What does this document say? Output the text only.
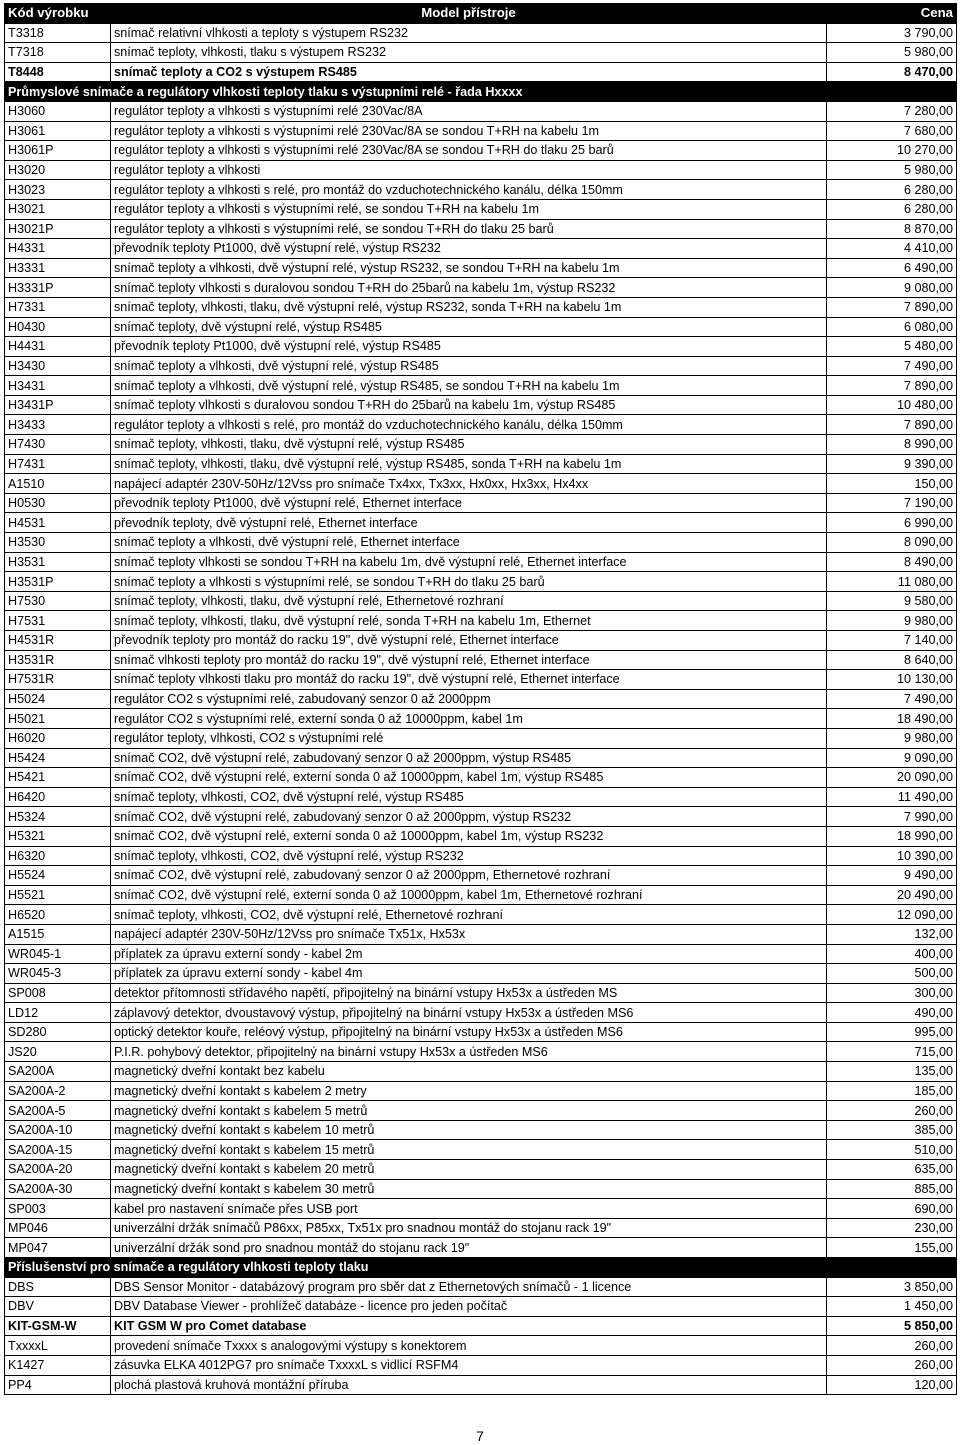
Kód výrobku	Model přístroje	Cena
T3318	snímač relativní vlhkosti a teploty s výstupem RS232	3 790,00
T7318	snímač teploty, vlhkosti, tlaku s výstupem RS232	5 980,00
T8448	snímač teploty a CO2 s výstupem RS485	8 470,00
Průmyslové snímače a regulátory vlhkosti teploty tlaku s výstupními relé - řada Hxxxx		
H3060	regulátor teploty a vlhkosti s výstupními relé 230Vac/8A	7 280,00
H3061	regulátor teploty a vlhkosti s výstupními relé 230Vac/8A se sondou T+RH na kabelu 1m	7 680,00
H3061P	regulátor teploty a vlhkosti s výstupními relé 230Vac/8A se sondou T+RH do tlaku 25 barů	10 270,00
H3020	regulátor teploty a vlhkosti	5 980,00
H3023	regulátor teploty a vlhkosti s relé, pro montáž do vzduchotechnického kanálu, délka 150mm	6 280,00
H3021	regulátor teploty a vlhkosti s výstupními relé, se sondou T+RH na kabelu 1m	6 280,00
H3021P	regulátor teploty a vlhkosti s výstupními relé, se sondou T+RH do tlaku 25 barů	8 870,00
H4331	převodník teploty Pt1000, dvě výstupní relé, výstup RS232	4 410,00
H3331	snímač teploty a vlhkosti, dvě výstupní relé, výstup RS232, se sondou T+RH na kabelu 1m	6 490,00
H3331P	snímač teploty vlhkosti s duralovou sondou T+RH do 25barů na kabelu 1m, výstup RS232	9 080,00
H7331	snímač teploty, vlhkosti, tlaku, dvě výstupní relé, výstup RS232, sonda T+RH na kabelu 1m	7 890,00
H0430	snímač teploty, dvě výstupní relé, výstup RS485	6 080,00
H4431	převodník teploty Pt1000, dvě výstupní relé, výstup RS485	5 480,00
H3430	snímač teploty a vlhkosti, dvě výstupní relé, výstup RS485	7 490,00
H3431	snímač teploty a vlhkosti, dvě výstupní relé, výstup RS485, se sondou T+RH na kabelu 1m	7 890,00
H3431P	snímač teploty vlhkosti s duralovou sondou T+RH do 25barů na kabelu 1m, výstup RS485	10 480,00
H3433	regulátor teploty a vlhkosti s relé, pro montáž do vzduchotechnického kanálu, délka 150mm	7 890,00
H7430	snímač teploty, vlhkosti, tlaku, dvě výstupní relé, výstup RS485	8 990,00
H7431	snímač teploty, vlhkosti, tlaku, dvě výstupní relé, výstup RS485, sonda T+RH na kabelu 1m	9 390,00
A1510	napájecí adaptér 230V-50Hz/12Vss pro snímače Tx4xx, Tx3xx, Hx0xx, Hx3xx, Hx4xx	150,00
H0530	převodník teploty Pt1000, dvě výstupní relé, Ethernet interface	7 190,00
H4531	převodník teploty, dvě výstupní relé, Ethernet interface	6 990,00
H3530	snímač teploty a vlhkosti, dvě výstupní relé, Ethernet interface	8 090,00
H3531	snímač teploty vlhkosti se sondou T+RH na kabelu 1m, dvě výstupní relé, Ethernet interface	8 490,00
H3531P	snímač teploty a vlhkosti s výstupními relé, se sondou T+RH do tlaku 25 barů	11 080,00
H7530	snímač teploty, vlhkosti, tlaku, dvě výstupní relé, Ethernetové rozhraní	9 580,00
H7531	snímač teploty, vlhkosti, tlaku, dvě výstupní relé, sonda T+RH na kabelu 1m, Ethernet	9 980,00
H4531R	převodník teploty pro montáž do racku 19", dvě výstupní relé, Ethernet interface	7 140,00
H3531R	snímač vlhkosti teploty pro montáž do racku 19", dvě výstupní relé, Ethernet interface	8 640,00
H7531R	snímač teploty vlhkosti tlaku pro montáž do racku 19", dvě výstupní relé, Ethernet interface	10 130,00
H5024	regulátor CO2 s výstupními relé, zabudovaný senzor 0 až 2000ppm	7 490,00
H5021	regulátor CO2 s výstupními relé, externí sonda 0 až 10000ppm, kabel 1m	18 490,00
H6020	regulátor teploty, vlhkosti, CO2 s výstupními relé	9 980,00
H5424	snímač CO2, dvě výstupní relé, zabudovaný senzor 0 až 2000ppm, výstup RS485	9 090,00
H5421	snímač CO2, dvě výstupní relé, externí sonda 0 až 10000ppm, kabel 1m, výstup RS485	20 090,00
H6420	snímač teploty, vlhkosti, CO2, dvě výstupní relé, výstup RS485	11 490,00
H5324	snímač CO2, dvě výstupní relé, zabudovaný senzor 0 až 2000ppm, výstup RS232	7 990,00
H5321	snímač CO2, dvě výstupní relé, externí sonda 0 až 10000ppm, kabel 1m, výstup RS232	18 990,00
H6320	snímač teploty, vlhkosti, CO2, dvě výstupní relé, výstup RS232	10 390,00
H5524	snímač CO2, dvě výstupní relé, zabudovaný senzor 0 až 2000ppm, Ethernetové rozhraní	9 490,00
H5521	snímač CO2, dvě výstupní relé, externí sonda 0 až 10000ppm, kabel 1m, Ethernetové rozhraní	20 490,00
H6520	snímač teploty, vlhkosti, CO2, dvě výstupní relé, Ethernetové rozhraní	12 090,00
A1515	napájecí adaptér 230V-50Hz/12Vss pro snímače Tx51x, Hx53x	132,00
WR045-1	příplatek za úpravu externí sondy - kabel 2m	400,00
WR045-3	příplatek za úpravu externí sondy - kabel 4m	500,00
SP008	detektor přítomnosti střídavého napětí, připojitelný na binární vstupy Hx53x a ústředen MS	300,00
LD12	záplavový detektor, dvoustavový výstup, připojitelný na binární vstupy Hx53x a ústředen MS6	490,00
SD280	optický detektor kouře, reléový výstup, připojitelný na binární vstupy Hx53x a ústředen MS6	995,00
JS20	P.I.R. pohybový detektor, připojitelný na binární vstupy Hx53x a ústředen MS6	715,00
SA200A	magnetický dveřní kontakt bez kabelu	135,00
SA200A-2	magnetický dveřní kontakt s kabelem 2 metry	185,00
SA200A-5	magnetický dveřní kontakt s kabelem 5 metrů	260,00
SA200A-10	magnetický dveřní kontakt s kabelem 10 metrů	385,00
SA200A-15	magnetický dveřní kontakt s kabelem 15 metrů	510,00
SA200A-20	magnetický dveřní kontakt s kabelem 20 metrů	635,00
SA200A-30	magnetický dveřní kontakt s kabelem 30 metrů	885,00
SP003	kabel pro nastavení snímače přes USB port	690,00
MP046	univerzální držák snímačů P86xx, P85xx, Tx51x pro snadnou montáž do stojanu rack 19"	230,00
MP047	univerzální držák sond pro snadnou montáž do stojanu rack 19"	155,00
Příslušenství pro snímače a regulátory vlhkosti teploty tlaku		
DBS	DBS Sensor Monitor - databázový program pro sběr dat z Ethernetových snímačů - 1 licence	3 850,00
DBV	DBV Database Viewer - prohlížeč databáze - licence pro jeden počítač	1 450,00
KIT-GSM-W	KIT GSM W pro Comet database	5 850,00
TxxxxL	provedení snímače Txxxx s analogovými výstupy s konektorem	260,00
K1427	zásuvka ELKA 4012PG7 pro snímače TxxxxL s vidlicí RSFM4	260,00
PP4	plochá plastová kruhová montážní příruba	120,00
7
